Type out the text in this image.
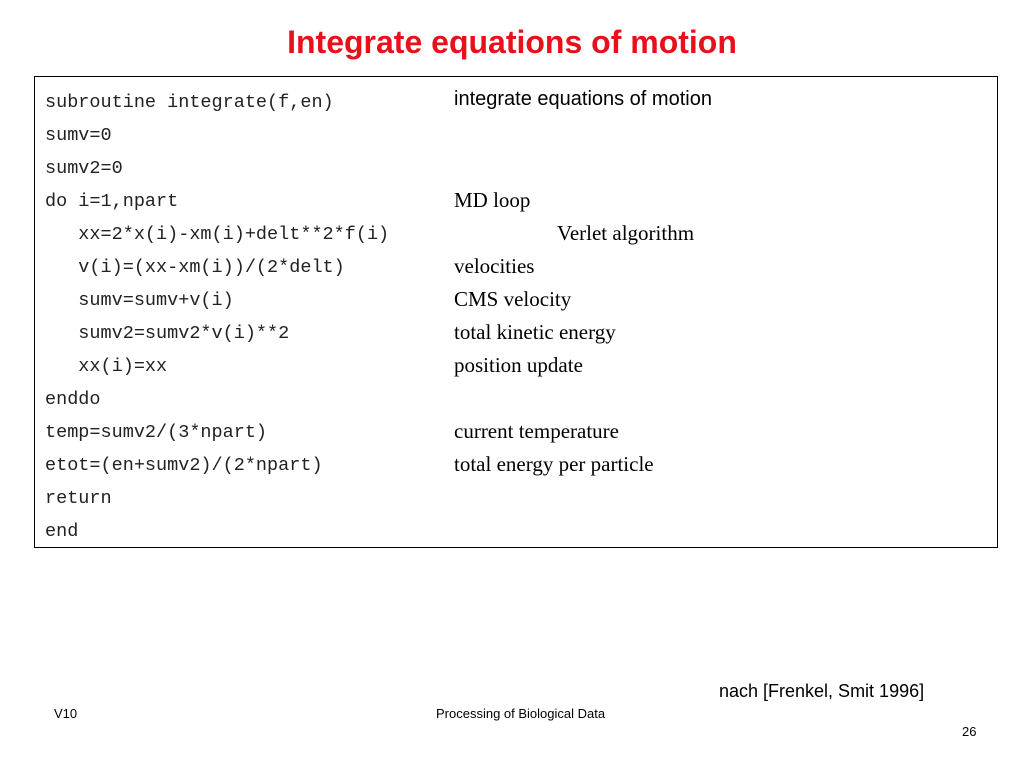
Integrate equations of motion
subroutine integrate(f,en)	integrate equations of motion
sumv=0
sumv2=0
do i=1,npart	MD loop
xx=2*x(i)-xm(i)+delt**2*f(i)	Verlet algorithm
v(i)=(xx-xm(i))/(2*delt)	velocities
sumv=sumv+v(i)	CMS velocity
sumv2=sumv2*v(i)**2	total kinetic energy
xx(i)=xx	position update
enddo
temp=sumv2/(3*npart)	current temperature
etot=(en+sumv2)/(2*npart)	total energy per particle
return
end
nach [Frenkel, Smit 1996]
V10	Processing of Biological Data
26
